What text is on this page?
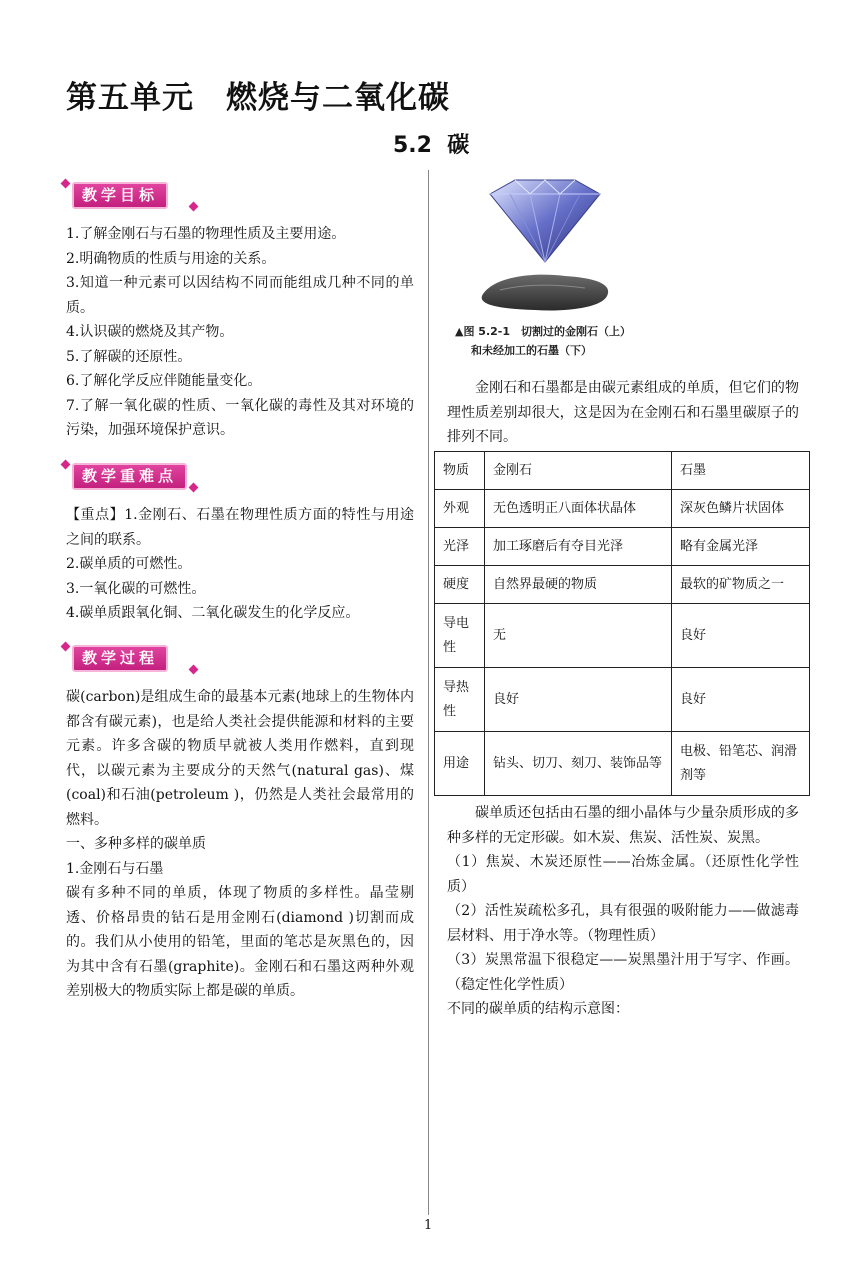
第五单元　燃烧与二氧化碳
5.2  碳
教学目标

1.了解金刚石与石墨的物理性质及主要用途。

2.明确物质的性质与用途的关系。

3.知道一种元素可以因结构不同而能组成几种不同的单质。

4.认识碳的燃烧及其产物。

5.了解碳的还原性。

6.了解化学反应伴随能量变化。

7.了解一氧化碳的性质、一氧化碳的毒性及其对环境的污染，加强环境保护意识。

教学重难点

【重点】1.金刚石、石墨在物理性质方面的特性与用途之间的联系。

2.碳单质的可燃性。

3.一氧化碳的可燃性。

4.碳单质跟氧化铜、二氧化碳发生的化学反应。

教学过程

碳(carbon)是组成生命的最基本元素(地球上的生物体内都含有碳元素)，也是给人类社会提供能源和材料的主要元素。许多含碳的物质早就被人类用作燃料，直到现代，以碳元素为主要成分的天然气(natural gas)、煤(coal)和石油(petroleum )，仍然是人类社会最常用的燃料。

一、多种多样的碳单质

1.金刚石与石墨

碳有多种不同的单质，体现了物质的多样性。晶莹剔透、价格昂贵的钻石是用金刚石(diamond )切割而成的。我们从小使用的铅笔，里面的笔芯是灰黑色的，因为其中含有石墨(graphite)。金刚石和石墨这两种外观差别极大的物质实际上都是碳的单质。

▲图 5.2-1　切割过的金刚石（上）
和未经加工的石墨（下）

金刚石和石墨都是由碳元素组成的单质，但它们的物理性质差别却很大，这是因为在金刚石和石墨里碳原子的排列不同。

物质	金刚石	石墨
外观	无色透明正八面体状晶体	深灰色鳞片状固体
光泽	加工琢磨后有夺目光泽	略有金属光泽
硬度	自然界最硬的物质	最软的矿物质之一
导电性	无	良好
导热性	良好	良好
用途	钻头、切刀、刻刀、装饰品等	电极、铅笔芯、润滑剂等

碳单质还包括由石墨的细小晶体与少量杂质形成的多种多样的无定形碳。如木炭、焦炭、活性炭、炭黑。

（1）焦炭、木炭还原性——冶炼金属。（还原性化学性质）

（2）活性炭疏松多孔，具有很强的吸附能力——做滤毒层材料、用于净水等。（物理性质）

（3）炭黑常温下很稳定——炭黑墨汁用于写字、作画。（稳定性化学性质）

不同的碳单质的结构示意图：

1
